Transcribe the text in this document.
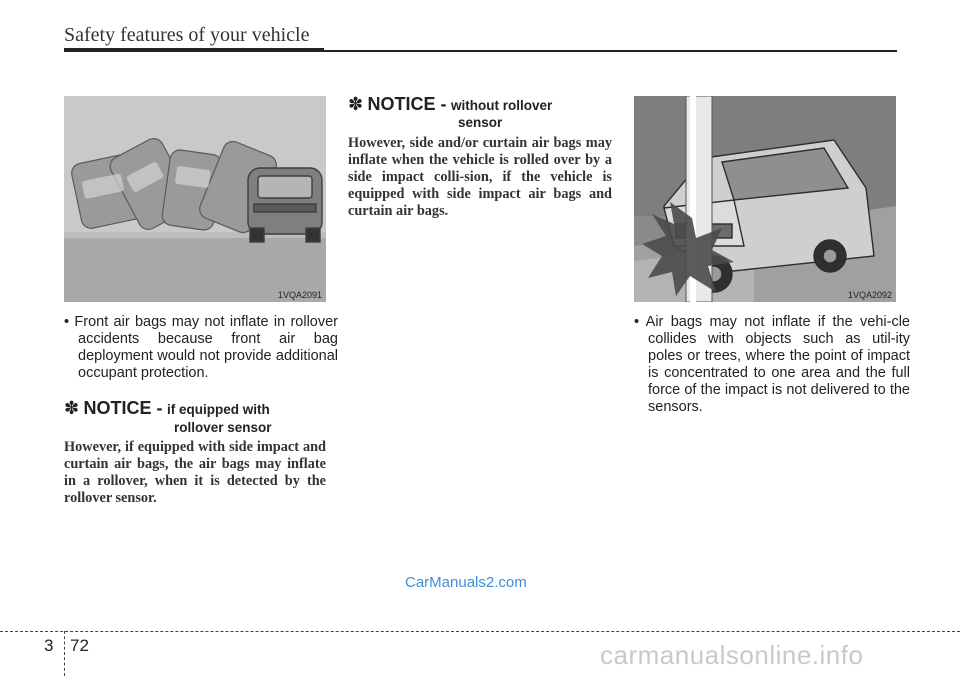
Safety features of your vehicle
1VQA2091
• Front air bags may not inflate in rollover accidents because front air bag deployment would not provide additional occupant protection.
✽ NOTICE - if equipped with
rollover sensor
However, if equipped with side impact and curtain air bags, the air bags may inflate in a rollover, when it is detected by the rollover sensor.
✽ NOTICE - without rollover
sensor
However, side and/or curtain air bags may inflate when the vehicle is rolled over by a side impact colli-sion, if the vehicle is equipped with side impact air bags and curtain air bags.
1VQA2092
• Air bags may not inflate if the vehi-cle collides with objects such as util-ity poles or trees, where the point of impact is concentrated to one area and the full force of the impact is not delivered to the sensors.
CarManuals2.com
3 72	carmanualsonline.info
